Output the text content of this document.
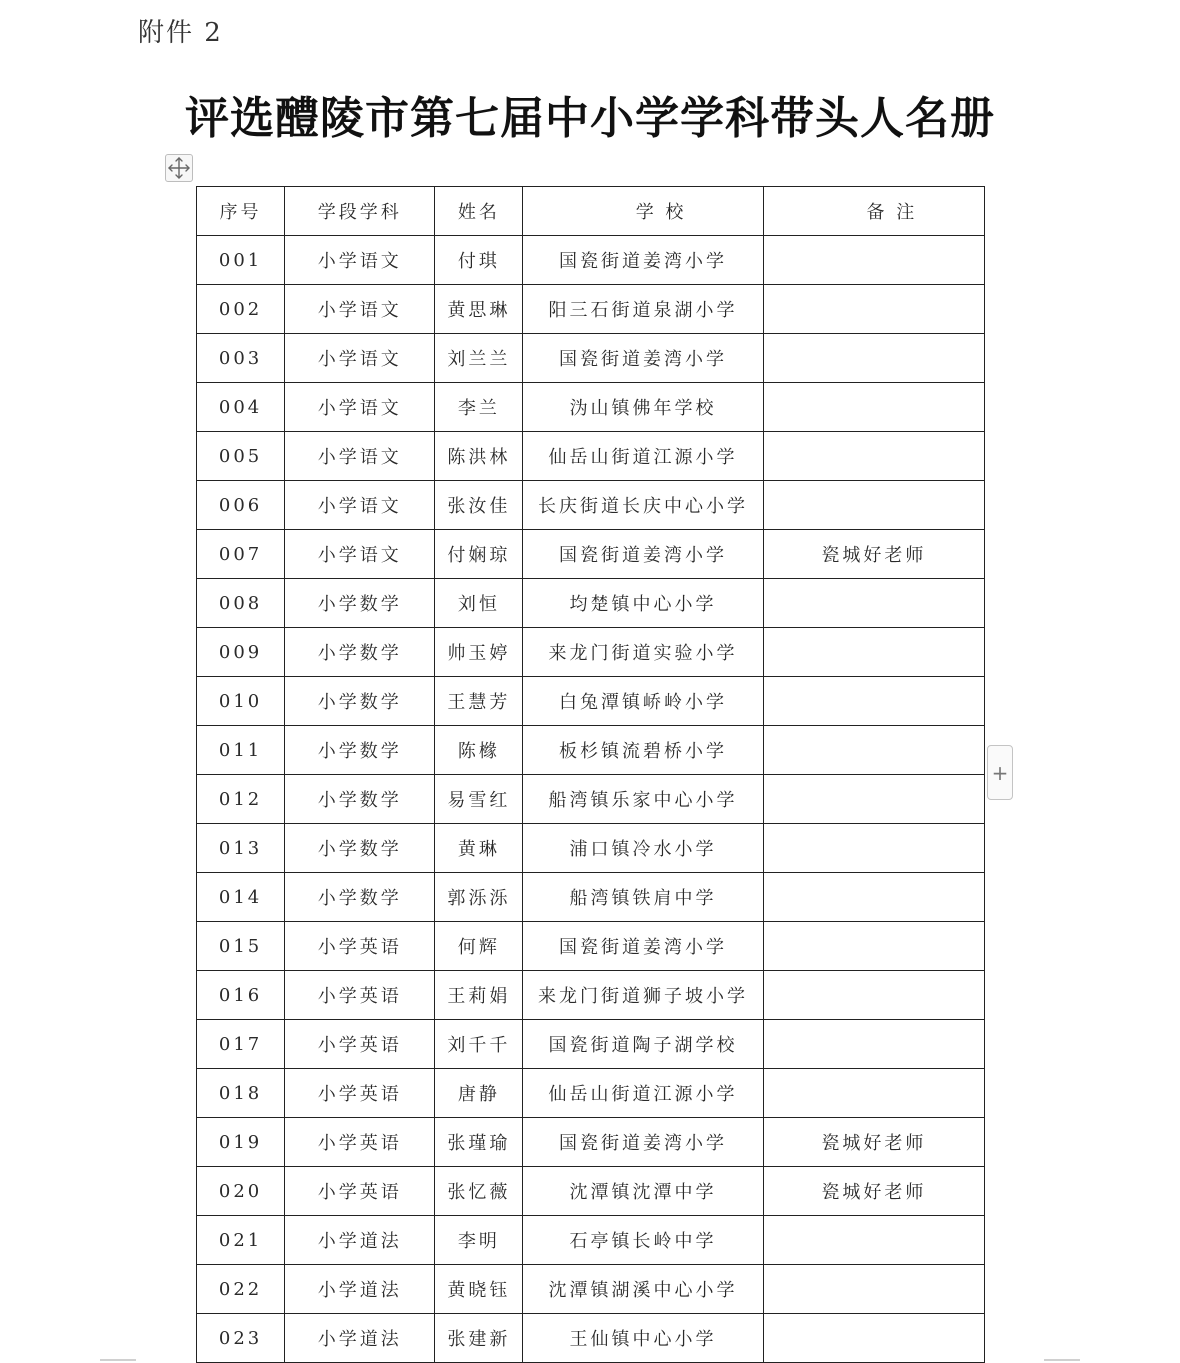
附件 2
评选醴陵市第七届中小学学科带头人名册
+
序号	学段学科	姓名	学 校	备 注
001	小学语文	付琪	国瓷街道姜湾小学	
002	小学语文	黄思琳	阳三石街道泉湖小学	
003	小学语文	刘兰兰	国瓷街道姜湾小学	
004	小学语文	李兰	沩山镇佛年学校	
005	小学语文	陈洪林	仙岳山街道江源小学	
006	小学语文	张汝佳	长庆街道长庆中心小学	
007	小学语文	付娴琼	国瓷街道姜湾小学	瓷城好老师
008	小学数学	刘恒	均楚镇中心小学	
009	小学数学	帅玉婷	来龙门街道实验小学	
010	小学数学	王慧芳	白兔潭镇峤岭小学	
011	小学数学	陈橼	板杉镇流碧桥小学	
012	小学数学	易雪红	船湾镇乐家中心小学	
013	小学数学	黄琳	浦口镇冷水小学	
014	小学数学	郭泺泺	船湾镇铁肩中学	
015	小学英语	何辉	国瓷街道姜湾小学	
016	小学英语	王莉娟	来龙门街道狮子坡小学	
017	小学英语	刘千千	国瓷街道陶子湖学校	
018	小学英语	唐静	仙岳山街道江源小学	
019	小学英语	张瑾瑜	国瓷街道姜湾小学	瓷城好老师
020	小学英语	张忆薇	沈潭镇沈潭中学	瓷城好老师
021	小学道法	李明	石亭镇长岭中学	
022	小学道法	黄晓钰	沈潭镇湖溪中心小学	
023	小学道法	张建新	王仙镇中心小学	
